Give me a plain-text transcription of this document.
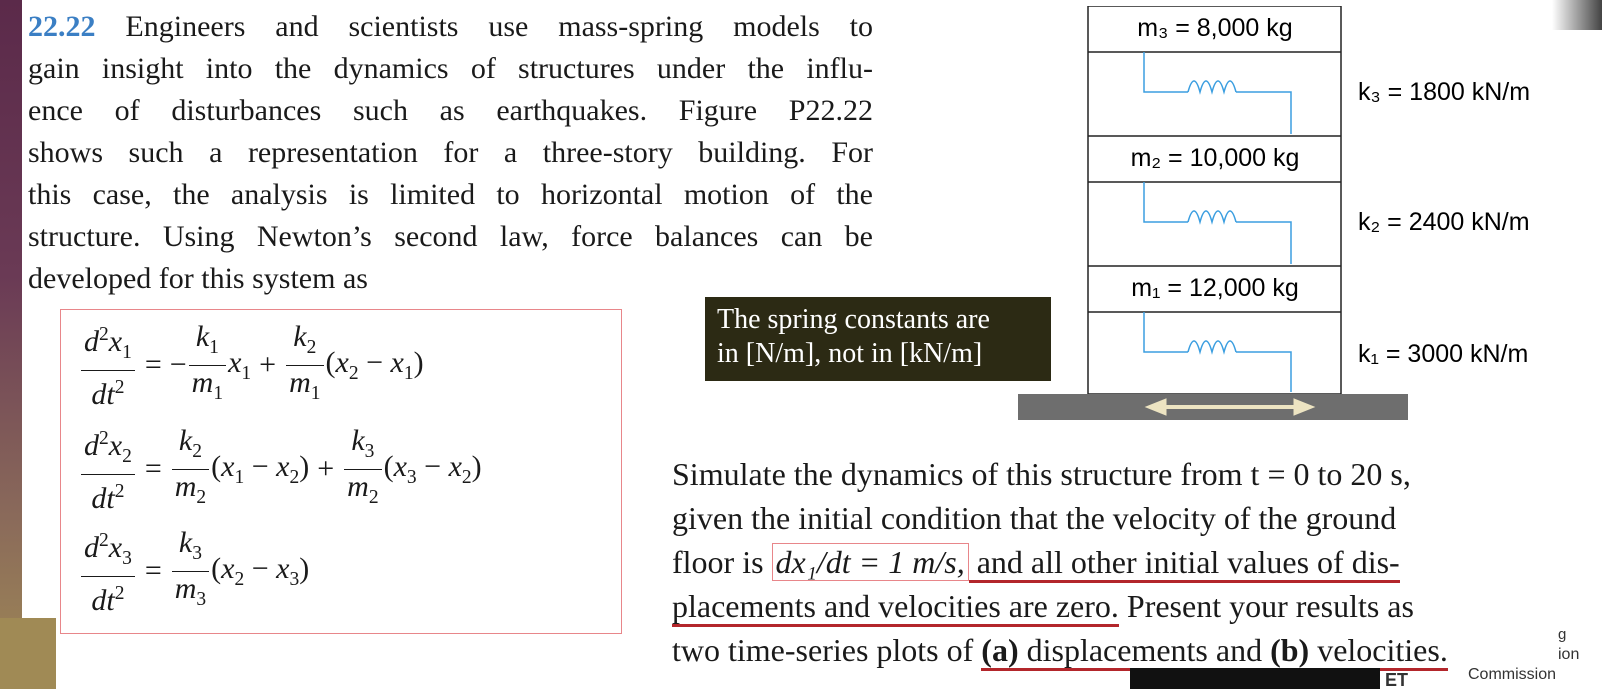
22.22 Engineers and scientists use mass-spring models to
gain insight into the dynamics of structures under the influ-
ence of disturbances such as earthquakes. Figure P22.22
shows such a representation for a three-story building. For
this case, the analysis is limited to horizontal motion of the
structure. Using Newton’s second law, force balances can be
developed for this system as
$\frac{d^2x_1}{dt^2}$ = − $\frac{k_1}{m_1} x_1 + \frac{k_2}{m_1} (x_2 - x_1)$
$\frac{d^2x_2}{dt^2} = \frac{k_2}{m_2} (x_1 - x_2) + \frac{k_3}{m_2} (x_3 - x_2)$
$\frac{d^2x_3}{dt^2} = \frac{k_3}{m_3} (x_2 - x_3)$
The spring constants are
in [N/m], not in [kN/m]
m₃ = 8,000 kg
m₂ = 10,000 kg
m₁ = 12,000 kg
k₃ = 1800 kN/m
k₂ = 2400 kN/m
k₁ = 3000 kN/m
Simulate the dynamics of this structure from t = 0 to 20 s,
given the initial condition that the velocity of the ground
floor is dx₁/dt = 1 m/s, and all other initial values of dis-
placements and velocities are zero. Present your results as
two time-series plots of (a) displacements and (b) velocities.	g
ion
Commission
ET
